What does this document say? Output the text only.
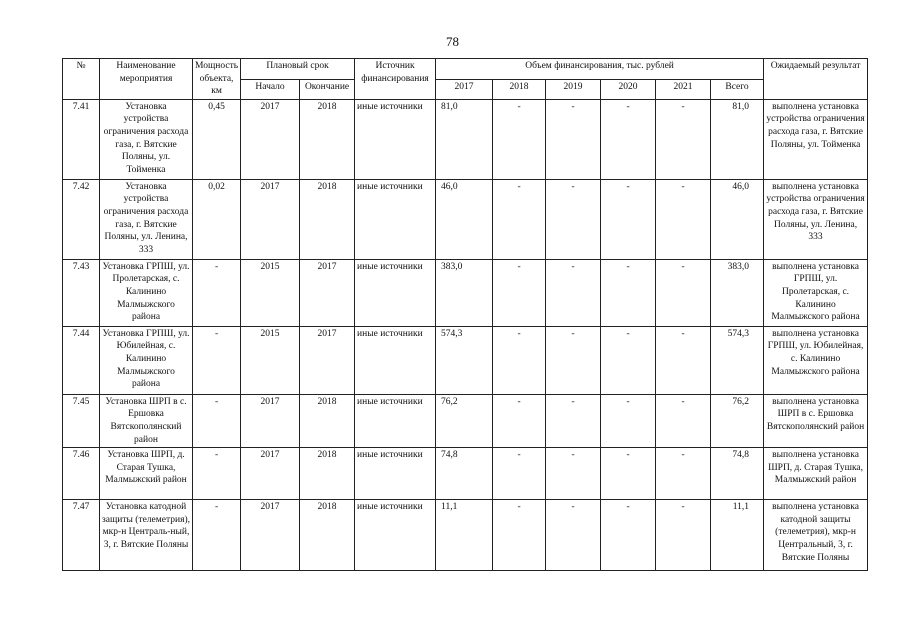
78
№	Наименование мероприятия	Мощность объекта, км	Плановый срок		Источник финансирования	Объем финансирования, тыс. рублей						Ожидаемый результат
			Начало	Окончание		2017	2018	2019	2020	2021	Всего	
7.41	Установка устройства ограничения расхода газа, г. Вятские Поляны, ул. Тойменка	0,45	2017	2018	иные источники	81,0	-	-	-	-	81,0	выполнена установка устройства ограничения расхода газа, г. Вятские Поляны, ул. Тойменка
7.42	Установка устройства ограничения расхода газа, г. Вятские Поляны, ул. Ленина, 333	0,02	2017	2018	иные источники	46,0	-	-	-	-	46,0	выполнена установка устройства ограничения расхода газа, г. Вятские Поляны, ул. Ленина, 333
7.43	Установка ГРПШ, ул. Пролетарская, с. Калинино Малмыжского района	-	2015	2017	иные источники	383,0	-	-	-	-	383,0	выполнена установка ГРПШ, ул. Пролетарская, с. Калинино Малмыжского района
7.44	Установка ГРПШ, ул. Юбилейная, с. Калинино Малмыжского района	-	2015	2017	иные источники	574,3	-	-	-	-	574,3	выполнена установка ГРПШ, ул. Юбилейная, с. Калинино Малмыжского района
7.45	Установка ШРП в с. Ершовка Вятскополянский район	-	2017	2018	иные источники	76,2	-	-	-	-	76,2	выполнена установка ШРП в с. Ершовка Вятскополянский район
7.46	Установка ШРП, д. Старая Тушка, Малмыжский район	-	2017	2018	иные источники	74,8	-	-	-	-	74,8	выполнена установка ШРП, д. Старая Тушка, Малмыжский район
7.47	Установка катодной защиты (телеметрия), мкр-н Централь-ный, 3, г. Вятские Поляны	-	2017	2018	иные источники	11,1	-	-	-	-	11,1	выполнена установка катодной защиты (телеметрия), мкр-н Центральный, 3, г. Вятские Поляны
